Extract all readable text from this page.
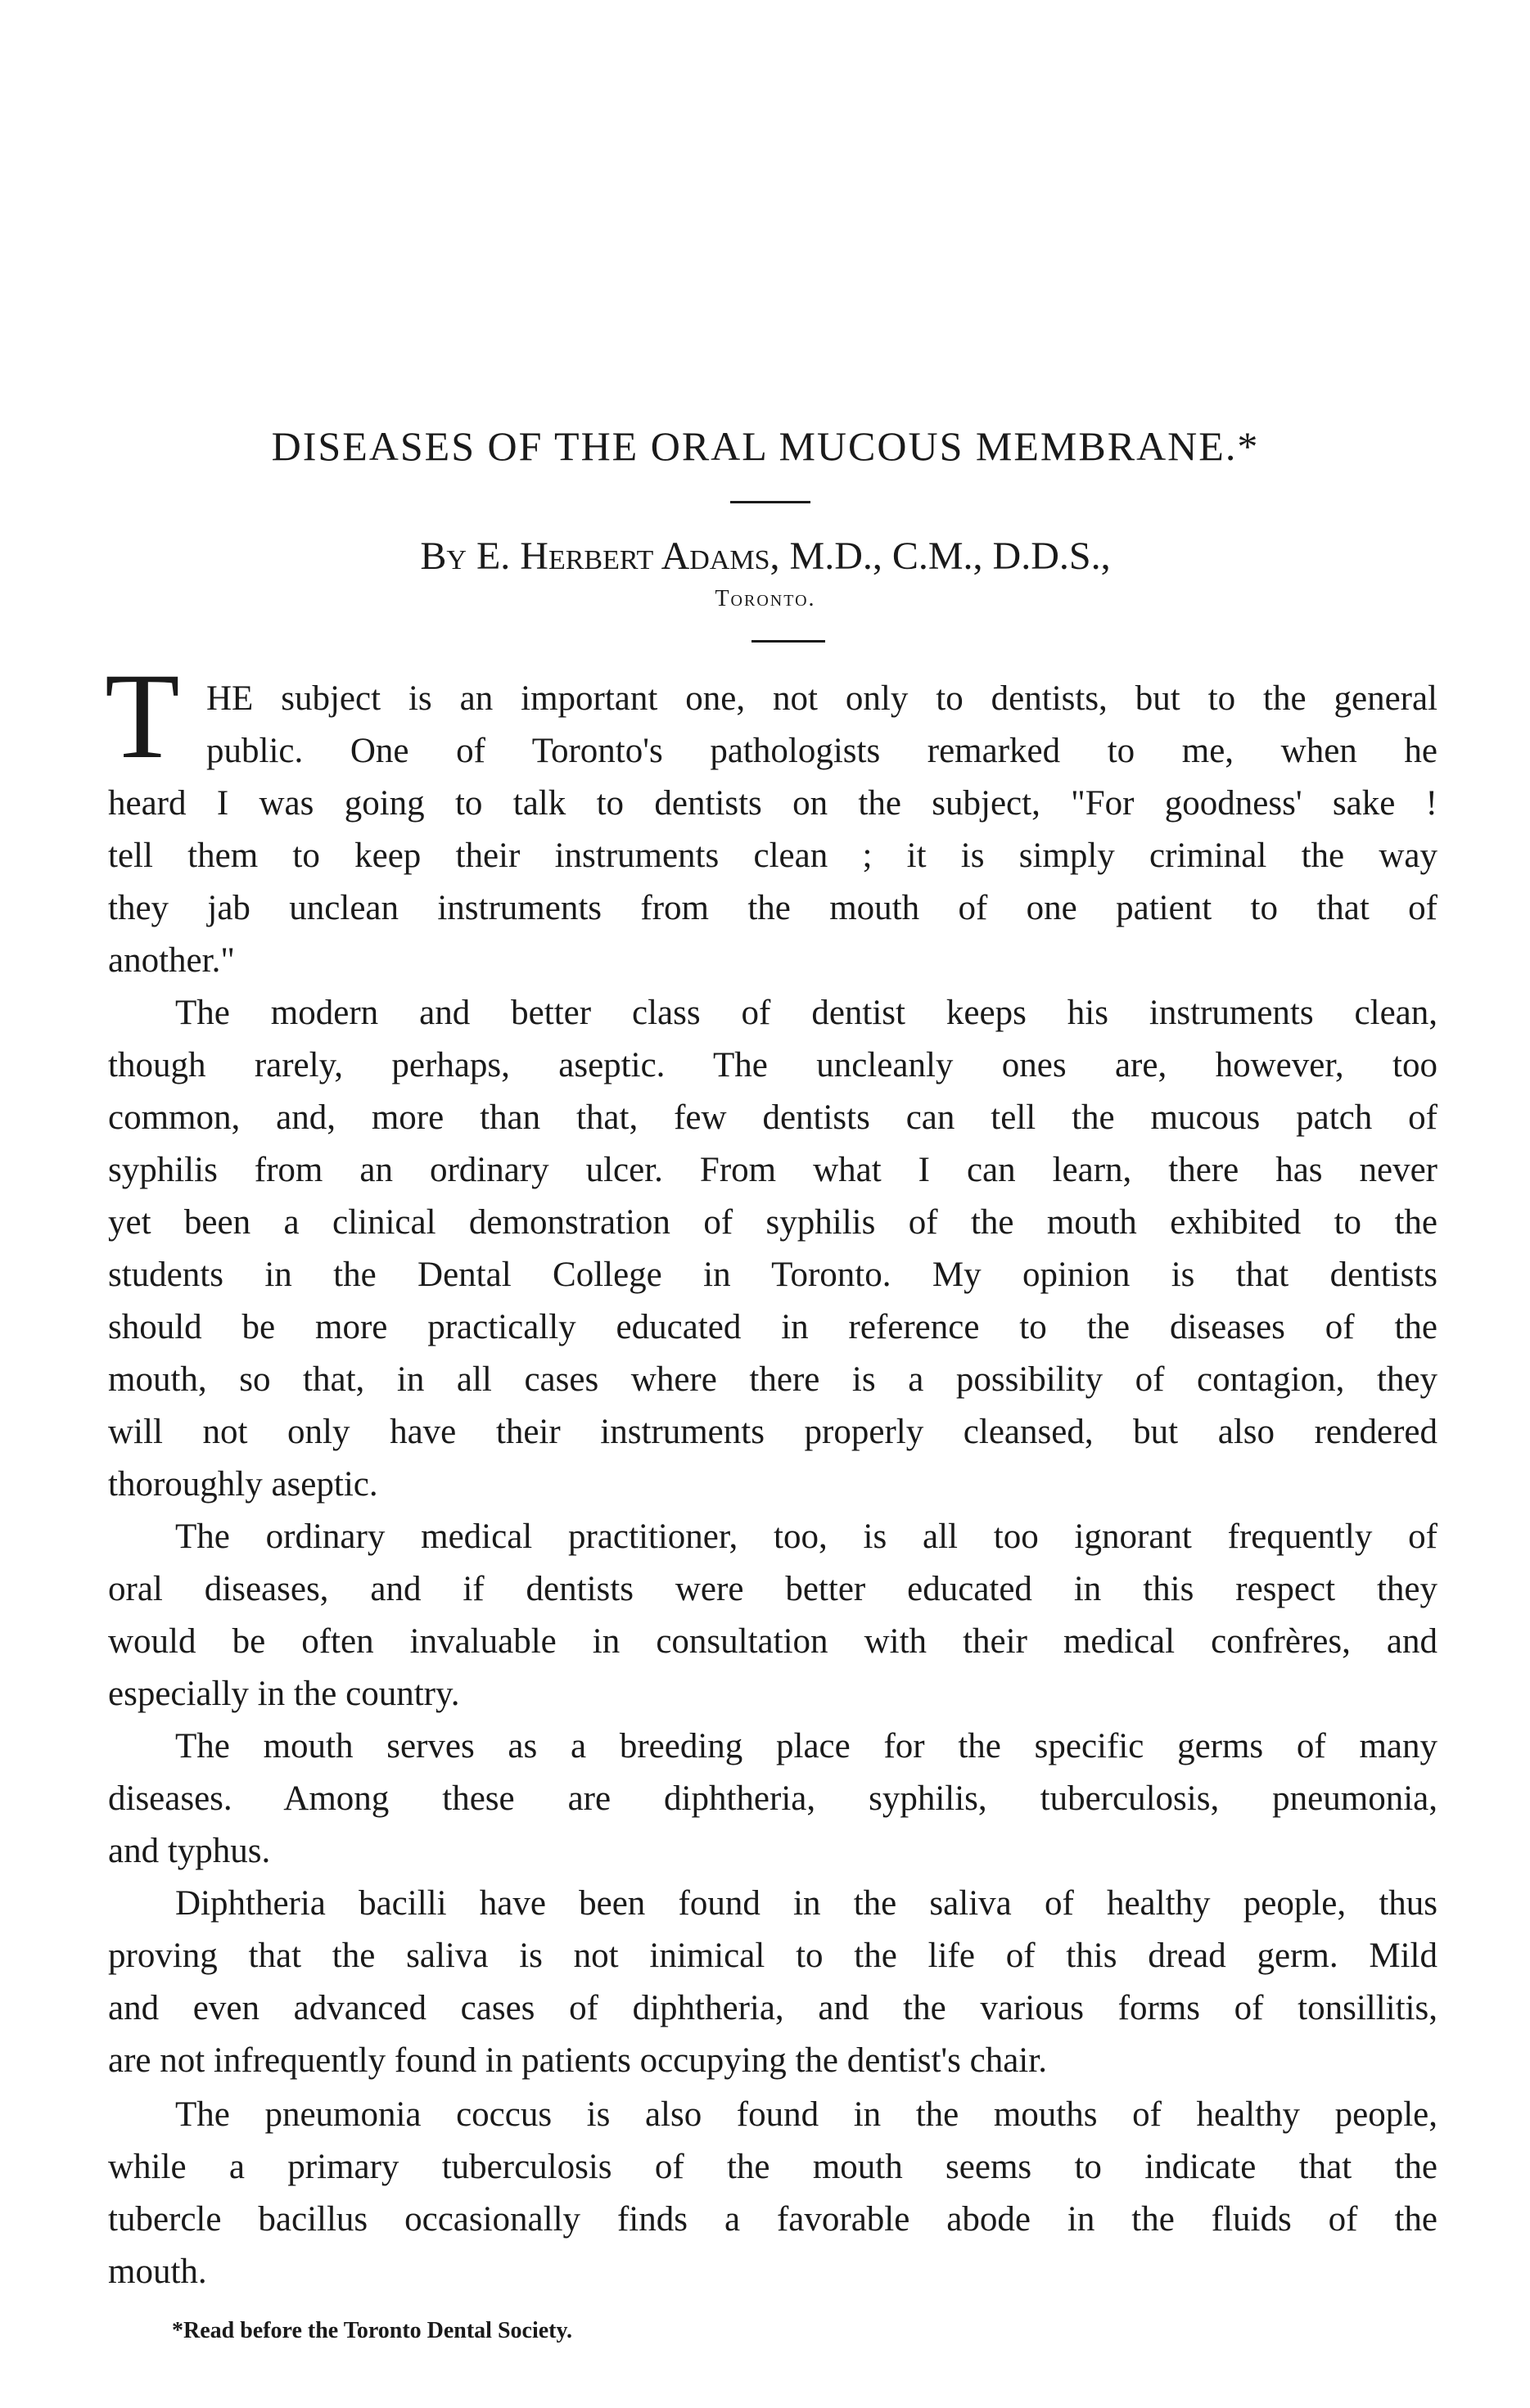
DISEASES OF THE ORAL MUCOUS MEMBRANE.*
By E. Herbert Adams, M.D., C.M., D.D.S.,
Toronto.
T HE subject is an important one, not only to dentists, but to the general
public. One of Toronto's pathologists remarked to me, when he
heard I was going to talk to dentists on the subject, "For goodness' sake !
tell them to keep their instruments clean ; it is simply criminal the way
they jab unclean instruments from the mouth of one patient to that of
another."
The modern and better class of dentist keeps his instruments clean,
though rarely, perhaps, aseptic. The uncleanly ones are, however, too
common, and, more than that, few dentists can tell the mucous patch of
syphilis from an ordinary ulcer. From what I can learn, there has never
yet been a clinical demonstration of syphilis of the mouth exhibited to the
students in the Dental College in Toronto. My opinion is that dentists
should be more practically educated in reference to the diseases of the
mouth, so that, in all cases where there is a possibility of contagion, they
will not only have their instruments properly cleansed, but also rendered
thoroughly aseptic.
The ordinary medical practitioner, too, is all too ignorant frequently of
oral diseases, and if dentists were better educated in this respect they
would be often invaluable in consultation with their medical confrères, and
especially in the country.
The mouth serves as a breeding place for the specific germs of many
diseases. Among these are diphtheria, syphilis, tuberculosis, pneumonia,
and typhus.
Diphtheria bacilli have been found in the saliva of healthy people, thus
proving that the saliva is not inimical to the life of this dread germ. Mild
and even advanced cases of diphtheria, and the various forms of tonsillitis,
are not infrequently found in patients occupying the dentist's chair.
The pneumonia coccus is also found in the mouths of healthy people,
while a primary tuberculosis of the mouth seems to indicate that the
tubercle bacillus occasionally finds a favorable abode in the fluids of the
mouth.
*Read before the Toronto Dental Society.
